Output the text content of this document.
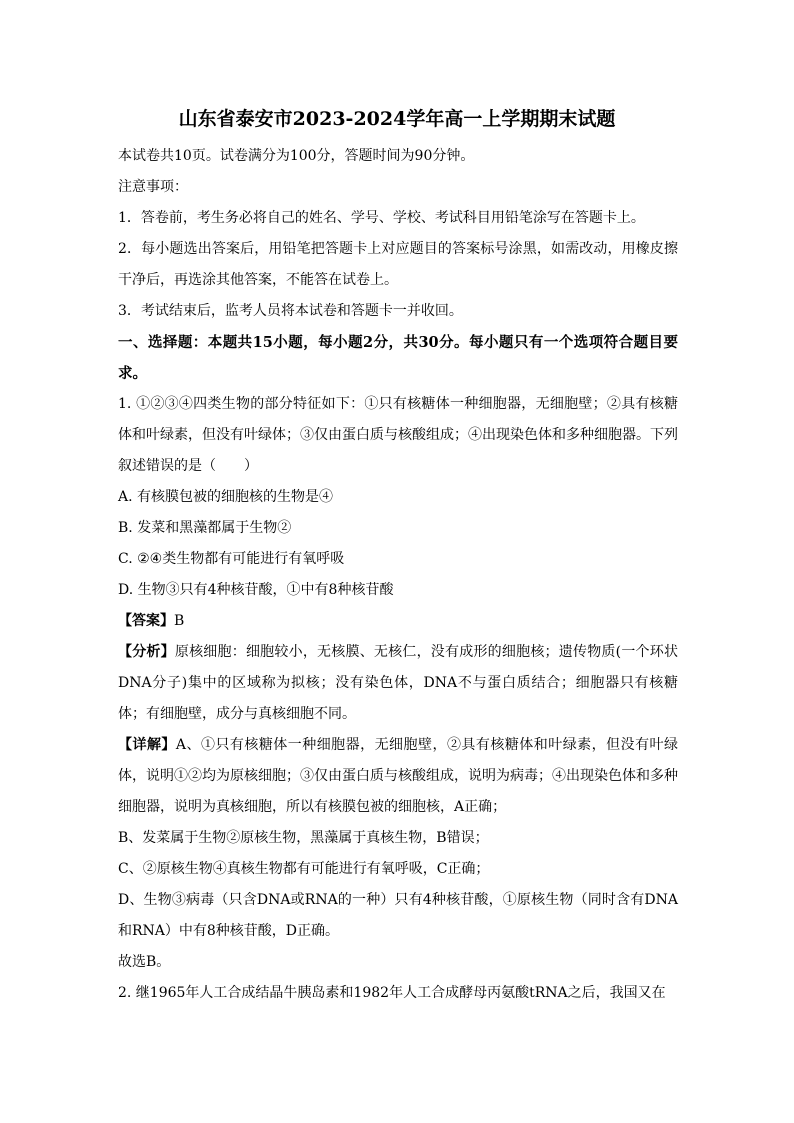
山东省泰安市2023-2024学年高一上学期期末试题

本试卷共10页。试卷满分为100分，答题时间为90分钟。

注意事项：

1．答卷前，考生务必将自己的姓名、学号、学校、考试科目用铅笔涂写在答题卡上。

2．每小题选出答案后，用铅笔把答题卡上对应题目的答案标号涂黑，如需改动，用橡皮擦干净后，再选涂其他答案，不能答在试卷上。

3．考试结束后，监考人员将本试卷和答题卡一并收回。

一、选择题：本题共15小题，每小题2分，共30分。每小题只有一个选项符合题目要求。

1. ①②③④四类生物的部分特征如下：①只有核糖体一种细胞器，无细胞壁；②具有核糖体和叶绿素，但没有叶绿体；③仅由蛋白质与核酸组成；④出现染色体和多种细胞器。下列叙述错误的是（　　）

A. 有核膜包被的细胞核的生物是④

B. 发菜和黑藻都属于生物②

C. ②④类生物都有可能进行有氧呼吸

D. 生物③只有4种核苷酸，①中有8种核苷酸

【答案】B

【分析】原核细胞：细胞较小，无核膜、无核仁，没有成形的细胞核；遗传物质(一个环状DNA分子)集中的区域称为拟核；没有染色体，DNA不与蛋白质结合；细胞器只有核糖体；有细胞壁，成分与真核细胞不同。

【详解】A、①只有核糖体一种细胞器，无细胞壁，②具有核糖体和叶绿素，但没有叶绿体，说明①②均为原核细胞；③仅由蛋白质与核酸组成，说明为病毒；④出现染色体和多种细胞器，说明为真核细胞，所以有核膜包被的细胞核，A正确；

B、发菜属于生物②原核生物，黑藻属于真核生物，B错误；

C、②原核生物④真核生物都有可能进行有氧呼吸，C正确；

D、生物③病毒（只含DNA或RNA的一种）只有4种核苷酸，①原核生物（同时含有DNA和RNA）中有8种核苷酸，D正确。

故选B。

2. 继1965年人工合成结晶牛胰岛素和1982年人工合成酵母丙氨酸tRNA之后，我国又在
